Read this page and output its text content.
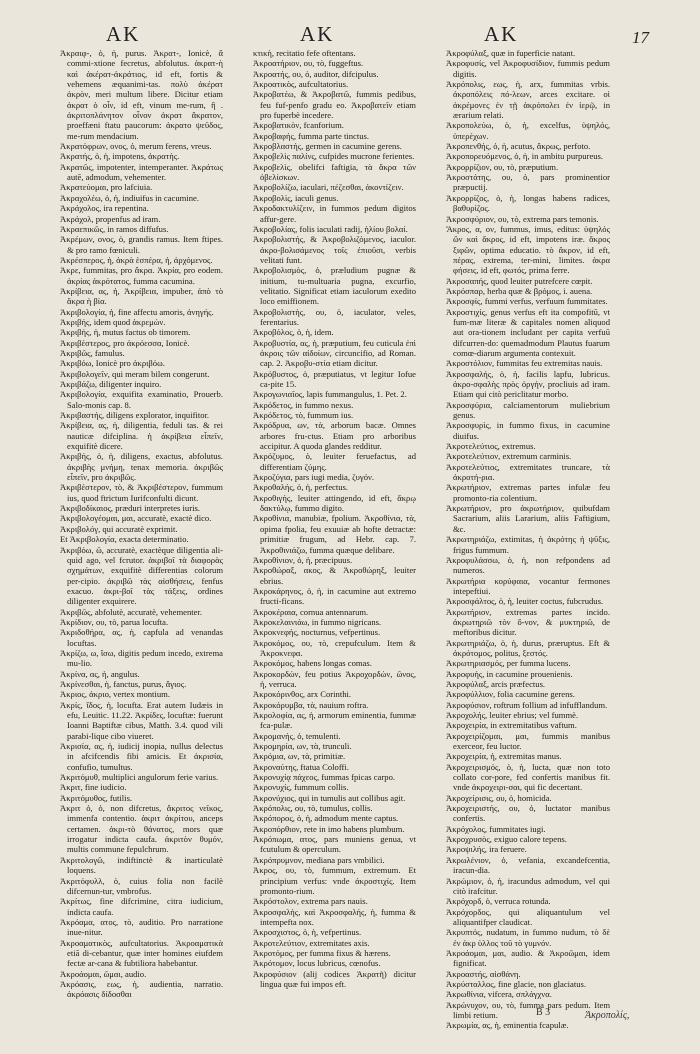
AK	AK	AK	17

Ἀκραιφ-, ὁ, ἡ, purus. Ἀκρατ-, Ionicè, ἄ commi-xtione fecretus, abfolutus. ἀκρατ-ὴ καὶ ἀκέρατ-ἀκράτιος, id eft, fortis & vehemens æquanimi-tas. πολὺ ἀκέρατ ἀκρὸν, meri multum libere. Dicitur etiam ἀκρατ ὁ οἶν, id eft, vinum me-rum, ἢ . ἀκριτοπλάνητον οἶνον ἀκρατ ἄκρατον, proeffæni ftatu paucorum: ἀκρατο ψεῦδος, me-rum mendacium.

Ἀκρατόφρων, ονος, ὁ, merum ferens, vreus.

Ἀκρατής, ὁ, ἡ, impotens, ἀκρατής.

Ἀκρατῶς, impotenter, intemperanter. Ἀκράτως autē, admodum, vehementer.

Ἀκρατεύομαι, pro lafciuia.

Ἀκραχολέω, ὁ, ἡ, indiuifus in cacumine.

Ἀκράχολος, ira repentina.

Ἀκράχολ, propenfus ad iram.

Ἀκραεπικῶς, in ramos diffufus.

Ἀκρέμων, ονος, ὁ, grandis ramus. Item ftipes. & pro ramo fœniculi.

Ἀκρέσπερος, ἡ, ἀκρὰ ἑσπέρα, ἡ, ἀρχόμενος.

Ἀκρε, fummitas, pro ἄκρα. Ἀκρία, pro eodem. ἀκρίας ἀκρότατος, fumma cacumina.

Ἀκρίβεια, ας, ἡ, Ἀκρίβεια, impuber, ἀπὸ τὸ ἄκρα ἡ βία.

Ἀκριβολογία, ἡ, fine affectu amoris, ἀνηγής.

Ἀκριβής, idem quod ἀκρεμών.

Ἀκριβής, ἡ, mutus factus ob timorem.

Ἀκριβέστερος, pro ἀκρόεσσα, Ionicè.

Ἀκριβῶς, famulus.

Ἀκριβόω, Ionicè pro ἀκριβόω.

Ἀκριβολογεῖν, qui meram bilem congerunt.

Ἀκριβάζω, diligenter inquiro.

Ἀκριβολογία, exquifita examinatio, Prouerb. Salo-monis cap. 8.

Ἀκριβαστής, diligens explorator, inquifitor.

Ἀκρίβεια, ας, ἡ, diligentia, feduli tas. & rei nauticæ difciplina. ἡ ἀκρίβεια εἶπεῖν, exquifitè dicere.

Ἀκριβής, ὁ, ἡ, diligens, exactus, abfolutus. ἀκριβὴς μνήμη, tenax memoria. ἀκριβῶς εἶπεῖν, pro ἀκριβῶς.

Ἀκριβέστερον, τὸ, & Ἀκριβέστερον, fummum ius, quod ftrictum Iurifconfulti dicunt.

Ἀκριβοδίκαιος, præduri interpretes iuris.

Ἀκριβολογέομαι, μαι, accuratè, exactè dico.

Ἀκριβολόγ, qui accuratè exprimit.

Et Ἀκριβολογία, exacta determinatio.

Ἀκριβόω, ῶ, accuratè, exactèque diligentia ali-quid ago, vel fcrutor. ἀκριβοῖ τὰ διαφορὰς σχημάτων, exquifitè differentias colorum per-cipio. ἀκριβῶ τὰς αἰσθήσεις, fenfus exacuo. ἀκρι-βοῖ τὰς τάξεις, ordines diligenter exquirere.

Ἀκριβῶς, abfolutè, accuratè, vehementer.

Ἀκρίδιον, ου, τὸ, parua locufta.

Ἀκριδοθήρα, ας, ἡ, capfula ad venandas locuftas.

Ἀκρίζω, ω, ἴσω, digitis pedum incedo, extrema mu-lio.

Ἀκρίνα, ας, ἡ, angulus.

Ἀκρίνεσθαι, ἡ, fanctus, purus, ἄγιος.

Ἀκριος, ἀκριο, vertex montium.

Ἀκρίς, ἴδος, ἡ, locufta. Erat autem Iudæis in efu, Leuitic. 11.22. Ἀκρίδες, locuftæ: fuerunt Ioanni Baptiftæ cibus, Matth. 3.4. quod vili parabi-lique cibo viueret.

Ἀκρισία, ας, ἡ, iudicij inopia, nullus delectus in afcifcendis fibi amicis. Et ἀκρισία, confufio, tumultus.

Ἀκριτόμυθ, multiplici angulorum ferie varius.

Ἀκριτ, fine iudicio.

Ἀκριτόμυθος, futilis.

Ἀκριτ ὁ, ὁ, non difcretus, ἄκριτος νεῖκος, immenfa contentio. ἀκριτ ἀκρίτου, anceps certamen. ἀκρι-τὸ θάνατος, mors quæ irrogatur indicta caufa. ἀκριτὸν θυμόν, multis commune fepulchrum.

Ἀκριτολογῶ, indiftinctè & inarticulatè loquens.

Ἀκριτόφυλλ, ὁ, cuius folia non facilè difcernun-tur, vmbrofus.

Ἀκρίτως, fine difcrimine, citra iudicium, indicta caufa.

Ἀκρόαμα, ατος, τὸ, auditio. Pro narratione inue-nitur.

Ἀκροαματικὸς, aufcultatorius. Ἀκροαματικὰ etiā di-cebantur, quæ inter homines eiufdem fectæ ar-cana & fubtiliora habebantur.

Ἀκροάομαι, ῶμαι, audio.

Ἀκρόασις, εως, ἡ, audientia, narratio. ἀκρόασις δίδοσθαι

κτικὴ, recitatio fefe oftentans.

Ἀκροατήριον, ου, τὸ, fuggeftus.

Ἀκροατής, ου, ὁ, auditor, difcipulus.

Ἀκροατικὸς, aufcultatorius.

Ἀκροβατέω, & Ἀκροβατῶ, fummis pedibus, feu fuf-penfo gradu eo. Ἀκροβατεῖν etiam pro fuperbè incedere.

Ἀκροβατικὸν, fcanforium.

Ἀκροβαφής, fumma parte tinctus.

Ἀκροβλαστής, germen in cacumine gerens.

Ἀκροβελὶς παλίνς, cufpides mucrone ferientes.

Ἀκροβελὶς, obelifci faftigia, τὰ ἄκρα τῶν ὀβελίσκων.

Ἀκροβολίζω, iaculari, πέζεσθαι, ἀκοντίζειν.

Ἀκροβολὶς, iaculi genus.

Ἀκροδακτυλίζειν, in fummos pedum digitos affur-gere.

Ἀκροβολίας, folis iaculati radij, ἡλίου βολαί.

Ἀκροβολιστής, & Ἀκροβολιζόμενος, iaculor. ἀκρο-βολισάμενος τοῖς ἐπιοῦσι, verbis velitati funt.

Ἀκροβολισμὸς, ὁ, præludium pugnæ & initium, tu-multuaria pugna, excurfio, velitatio. Significat etiam iaculorum exedito loco emiffionem.

Ἀκροβολιστὴς, ου, ὁ, iaculator, veles, ferentarius.

Ἀκροβόλος, ὁ, ἡ, idem.

Ἀκροβυστία, ας, ἡ, præputium, feu cuticula ἐπὶ ἀκροις τῶν αἰδοίων, circuncifio, ad Roman. cap. 2. Ἀκροβυ-στία etiam dicitur.

Ἀκρόβυστος, ὁ, præputiatus, vt legitur Iofue ca-pite 15.

Ἀκρογωνιαῖος, lapis fummangulus, 1. Pet. 2.

Ἀκρόδετος, in fummo nexus.

Ἀκρόδετος, τὸ, fummum ius.

Ἀκρόδρυα, ων, τὰ, arborum bacæ. Omnes arbores fru-ctus. Etiam pro arboribus accipitur. A quoda glandes redditur.

Ἀκρόζυμος, ὁ, leuiter feruefactus, ad differentiam ζύμης.

Ἀκροζύγια, pars iugi media, ζυγόν.

Ἀκροθαλής, ὁ, ἡ, perfectus.

Ἀκροθιγής, leuiter attingendo, id eft, ἄκρῳ δακτύλῳ, fummo digito.

Ἀκροθίνια, manubiæ, fpolium. Ἀκροθίνια, τὰ, opima fpolia, feu exuuiæ ab hofte detractæ: primitiæ frugum, ad Hebr. cap. 7. Ἀκροθινιάζω, fumma quæque delibare.

Ἀκροθίνιον, ὁ, ἡ, præcipuus.

Ἀκροθώραξ, ακος, & Ἀκροθώρηξ, leuiter ebrius.

Ἀκροκάρηνος, ὁ, ἡ, in cacumine aut extremo fructi-ficans.

Ἀκροκέραια, cornua antennarum.

Ἀκροκελαινιάω, in fummo nigricans.

Ἀκροκνεφής, nocturnus, vefpertinus.

Ἀκροκόμος, ου, τὸ, crepufculum. Item & Ἀκροκνεφα.

Ἀκροκόμος, habens longas comas.

Ἀκροκορδών, feu potius Ἀκροχορδών, ῶνος, ἡ, verruca.

Ἀκροκόρινθος, arx Corinthi.

Ἀκροκόρυμβα, τὰ, nauium roftra.

Ἀκρολοφία, ας, ἡ, armorum eminentia, fummæ fca-pulæ.

Ἀκρομανής, ὁ, temulenti.

Ἀκρομηρία, ων, τὰ, trunculi.

Ἀκρόμια, ων, τὰ, primitiæ.

Ἀκροναύτης, ftatua Coloffi.

Ἀκρονυχίᾳ πάχεος, fummas fpicas carpo.

Ἀκρονυχίς, fummum collis.

Ἀκρονύχιος, qui in tumulis aut collibus agit.

Ἀκρόπολις, ου, τὸ, tumulus, collis.

Ἀκρόπορος, ὁ, ἡ, admodum mente captus.

Ἀκροπόρθιον, rete in imo habens plumbum.

Ἀκρόπωμα, ατος, pars muniens genua, vt fcutulum & operculum.

Ἀκρόπρυμνον, mediana pars vmbilici.

Ἀκρος, ου, τὸ, fummum, extremum. Et principium verfus: vnde ἀκροστιχίς. Item promonto-rium.

Ἀκρόστολον, extrema pars nauis.

Ἀκροσφαλής, καὶ Ἀκροσφαλής, ἡ, fumma & intempefta nox.

Ἀκροσχιστος, ὁ, ἡ, vefpertinus.

Ἀκροτελεύτιον, extremitates axis.

Ἀκροτόμος, per fumma fixus & hærens.

Ἀκρότομον, locus lubricus, cœnofus.

Ἀκροφύσιον (alij codices Ἀκρατῆ) dicitur lingua quæ fui impos eft.

Ἀκροφύλαξ, quæ in fuperficie natant.

Ἀκροφυσίς, vel Ἀκροφυσίδιον, fummis pedum digitis.

Ἀκρόπολις, εως, ἡ, arx, fummitas vrbis. ἀκροπόλεις πό-λεων, arces excitare. οἱ ἀκρέμονες ἐν τῇ ἀκρόπολει ἐν ἱερῷ, in ærarium relati.

Ἀκροπολεύω, ὁ, ἡ, excelfus, ὑψηλός, ὑπερέχων.

Ἀκροπενθής, ὁ, ἡ, acutus, ἄκρως, perfoto.

Ἀκροπορευόμενος, ὁ, ἡ, in ambitu purpureus.

Ἀκρορρίζιον, ου, τὸ, præputium.

Ἀκροστάτης, ου, ὁ, pars prominentior præpuctij.

Ἀκρορρίζος, ὁ, ἡ, longas habens radices, βαθυρίζος.

Ἀκροσφύριον, ου, τὸ, extrema pars temonis.

Ἄκρος, α, ον, fummus, imus, editus: ὑψηλός ὢν καὶ ἄκρος, id eft, impotens iræ. ἄκρος ξιφῶν, optima educatio. τὸ ἄκρον, id eft, πέρας, extrema, ter-mini, limites. ἀκρα φήσεις, id eft, φωτός, prima ferre.

Ἀκροσαπής, quod leuiter putrefcere cœpit.

Ἀκρόσπαρ, herba quæ & βρόμος, i. auena.

Ἀκροσφίς, fummi verfus, verfuum fummitates.

Ἀκροστιχίς, genus verfus eft ita compofitū, vt fum-mæ literæ & capitales nomen aliquod aut ora-tionem includant per capita verfuū difcurren-do: quemadmodum Plautus fuarum comœ-diarum argumenta contexuit.

Ἀκροστόλιον, fummitas feu extremitas nauis.

Ἀκροσφαλής, ὁ, ἡ, facilis lapfu, lubricus. ἀκρο-σφαλὴς πρὸς ὀργήν, procliuis ad iram. Etiam qui citò periclitatur morbo.

Ἀκροσφύρια, calciamentorum muliebrium genus.

Ἀκροσφυρὶς, in fummo fixus, in cacumine diuifus.

Ἀκροτελεύτιος, extremus.

Ἀκροτελεύτιον, extremum carminis.

Ἀκροτελεύτιος, extremitates truncare, τὰ ἀκροτή-ρια.

Ἀκρωτήριον, extremas partes infulæ feu promonto-ria colentium.

Ἀκρωτήριον, pro ἀκρωτήριον, quibufdam Sacrarium, aliis Lararium, aliis Faftigium, &c.

Ἀκρωτηριάζω, extimitas, ἡ ἀκρότης ἡ ψῦξις, frigus fummum.

Ἀκροφυλάσσω, ὁ, ἡ, non refpondens ad numeros.

Ἀκρωτήρια κορύφαια, vocantur fermones intepeftiui.

Ἀκροσφάλτος, ὁ, ἡ, leuiter coctus, fubcrudus.

Ἀκρωτήριον, extremas partes incido. ἀκρωτηριῶ τὸν ὄ-νον, & μυκτηριῶ, de meftoribus dicitur.

Ἀκρωτηριάζω, ὁ, ἡ, durus, præruptus. Eft & ἀκρότομος, politus, ξεστός.

Ἀκρωτηριασμός, per fumma lucens.

Ἀκροφυής, in cacumine prouenienis.

Ἀκροφύλαξ, arcis præfectus.

Ἀκροφύλλιον, folia cacumine gerens.

Ἀκροφύσιον, roftrum follium ad infufflandum.

Ἀκροχολής, leuiter ebrius; vel fummè.

Ἀκροχειρία, in extremitatibus vaftum.

Ἀκροχειρίζομαι, μαι, fummis manibus exerceor, feu luctor.

Ἀκροχειρία, ἡ, extremitas manus.

Ἀκροχειρισμός, ὁ, ἡ, lucta, quæ non toto collato cor-pore, fed confertis manibus fit. vnde ἀκροχειρι-σαι, qui fic decertant.

Ἀκροχείρισις, ου, ὁ, homicida.

Ἀκροχειριστής, ου, ὁ, luctator manibus confertis.

Ἀκρόχολος, fummitates iugi.

Ἀκροχρυσὸς, exiguo calore tepens.

Ἀκροψιλής, ira feruere.

Ἀκρωλένιον, ὁ, vefania, excandefcentia, iracun-dia.

Ἀκρώμιον, ὁ, ἡ, iracundus admodum, vel qui citò irafcitur.

Ἀκρόχορδ, ὁ, verruca rotunda.

Ἀκρόχορδος, qui aliquantulum vel aliquantifper claudicat.

Ἀκρυπτός, nudatum, in fummo nudum, τὸ δὲ ἐν ἀκρ ὑλλος τοῦ τὸ γυμνόν.

Ἀκροάομαι, μαι, audio. & Ἀκροῶμαι, idem fignificat.

Ἀκροαστής, αἰσθάνη.

Ἀκρύσταλλος, fine glacie, non glaciatus.

Ἀκρωθίνια, vifcera, σπλάγχνα.

Ἀκρώνυχον, ου, τὸ, fumma pars pedum. Item limbi retium.

Ἀκρωμία, ας, ἡ, eminentia fcapulæ.

B 3	Ἀκροπολίς,
